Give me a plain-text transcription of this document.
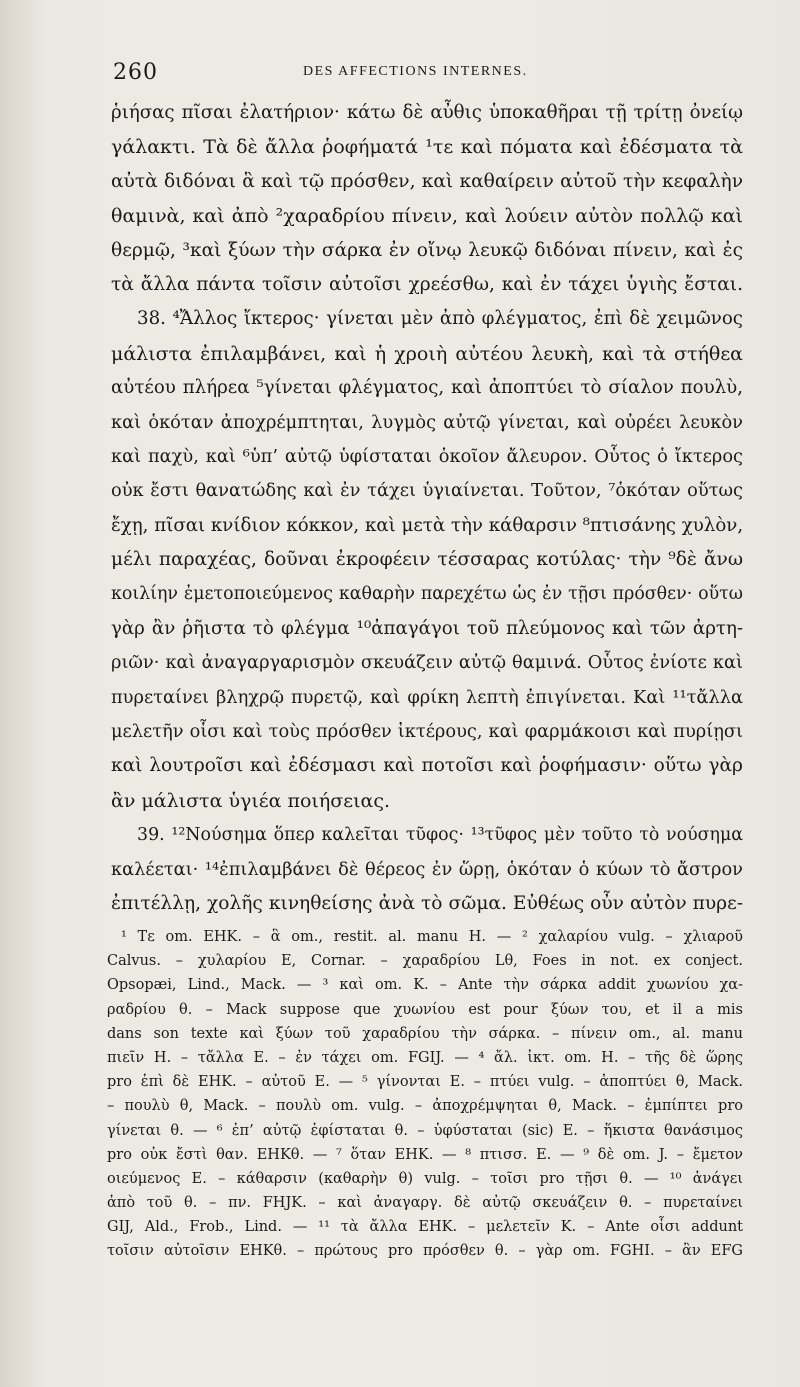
260	DES AFFECTIONS INTERNES.
ῥιήσας πῖσαι ἐλατήριον· κάτω δὲ αὖθις ὑποκαθῆραι τῇ τρίτῃ ὀνείῳ
γάλακτι. Τὰ δὲ ἄλλα ῥοφήματά ¹τε καὶ πόματα καὶ ἐδέσματα τὰ
αὐτὰ διδόναι ἃ καὶ τῷ πρόσθεν, καὶ καθαίρειν αὐτοῦ τὴν κεφαλὴν
θαμινὰ, καὶ ἀπὸ ²χαραδρίου πίνειν, καὶ λούειν αὐτὸν πολλῷ καὶ
θερμῷ, ³καὶ ξύων τὴν σάρκα ἐν οἴνῳ λευκῷ διδόναι πίνειν, καὶ ἐς
τὰ ἄλλα πάντα τοῖσιν αὐτοῖσι χρεέσθω, καὶ ἐν τάχει ὑγιὴς ἔσται.
38. ⁴Ἄλλος ἴκτερος· γίνεται μὲν ἀπὸ φλέγματος, ἐπὶ δὲ χειμῶνος
μάλιστα ἐπιλαμβάνει, καὶ ἡ χροιὴ αὐτέου λευκὴ, καὶ τὰ στήθεα
αὐτέου πλήρεα ⁵γίνεται φλέγματος, καὶ ἀποπτύει τὸ σίαλον πουλὺ,
καὶ ὁκόταν ἀποχρέμπτηται, λυγμὸς αὐτῷ γίνεται, καὶ οὐρέει λευκὸν
καὶ παχὺ, καὶ ⁶ὑπ’ αὐτῷ ὑφίσταται ὁκοῖον ἄλευρον. Οὗτος ὁ ἴκτερος
οὐκ ἔστι θανατώδης καὶ ἐν τάχει ὑγιαίνεται. Τοῦτον, ⁷ὁκόταν οὕτως
ἔχῃ, πῖσαι κνίδιον κόκκον, καὶ μετὰ τὴν κάθαρσιν ⁸πτισάνης χυλὸν,
μέλι παραχέας, δοῦναι ἐκροφέειν τέσσαρας κοτύλας· τὴν ⁹δὲ ἄνω
κοιλίην ἐμετοποιεύμενος καθαρὴν παρεχέτω ὡς ἐν τῇσι πρόσθεν· οὕτω
γὰρ ἂν ῥῆιστα τὸ φλέγμα ¹⁰ἀπαγάγοι τοῦ πλεύμονος καὶ τῶν ἀρτη-
ριῶν· καὶ ἀναγαργαρισμὸν σκευάζειν αὐτῷ θαμινά. Οὗτος ἐνίοτε καὶ
πυρεταίνει βληχρῷ πυρετῷ, καὶ φρίκη λεπτὴ ἐπιγίνεται. Καὶ ¹¹τἄλλα
μελετῆν οἷσι καὶ τοὺς πρόσθεν ἰκτέρους, καὶ φαρμάκοισι καὶ πυρίῃσι
καὶ λουτροῖσι καὶ ἐδέσμασι καὶ ποτοῖσι καὶ ῥοφήμασιν· οὕτω γὰρ
ἂν μάλιστα ὑγιέα ποιήσειας.
39. ¹²Νούσημα ὅπερ καλεῖται τῦφος· ¹³τῦφος μὲν τοῦτο τὸ νούσημα
καλέεται· ¹⁴ἐπιλαμβάνει δὲ θέρεος ἐν ὥρῃ, ὁκόταν ὁ κύων τὸ ἄστρον
ἐπιτέλλῃ, χολῆς κινηθείσης ἀνὰ τὸ σῶμα. Εὐθέως οὖν αὐτὸν πυρε-
¹ Τε om. EHK. – ἃ om., restit. al. manu H. — ² χαλαρίου vulg. – χλιαροῦ
Calvus. – χυλαρίου E, Cornar. – χαραδρίου Lθ, Foes in not. ex conject.
Opsopæi, Lind., Mack. — ³ καὶ om. K. – Ante τὴν σάρκα addit χυωνίου χα-
ραδρίου θ. – Mack suppose que χυωνίου est pour ξύων του, et il a mis
dans son texte καὶ ξύων τοῦ χαραδρίου τὴν σάρκα. – πίνειν om., al. manu
πιεῖν H. – τἄλλα E. – ἐν τάχει om. FGIJ. — ⁴ ἄλ. ἰκτ. om. H. – τῆς δὲ ὥρης
pro ἐπὶ δὲ EHK. – αὐτοῦ E. — ⁵ γίνονται E. – πτύει vulg. – ἀποπτύει θ, Mack.
– πουλὺ θ, Mack. – πουλὺ om. vulg. – ἀποχρέμψηται θ, Mack. – ἐμπίπτει pro
γίνεται θ. — ⁶ ἐπ’ αὐτῷ ἐφίσταται θ. – ὑφύσταται (sic) E. – ἥκιστα θανάσιμος
pro οὐκ ἔστὶ θαν. EHKθ. — ⁷ ὅταν EHK. — ⁸ πτισσ. E. — ⁹ δὲ om. J. – ἔμετον
οιεύμενος E. – κάθαρσιν (καθαρὴν θ) vulg. – τοῖσι pro τῇσι θ. — ¹⁰ ἀνάγει
ἀπὸ τοῦ θ. – πν. FHJK. – καὶ ἀναγαργ. δὲ αὐτῷ σκευάζειν θ. – πυρεταίνει
GIJ, Ald., Frob., Lind. — ¹¹ τὰ ἄλλα EHK. – μελετεῖν K. – Ante οἷσι addunt
τοῖσιν αὐτοῖσιν EHKθ. – πρώτους pro πρόσθεν θ. – γὰρ om. FGHI. – ἂν EFG
